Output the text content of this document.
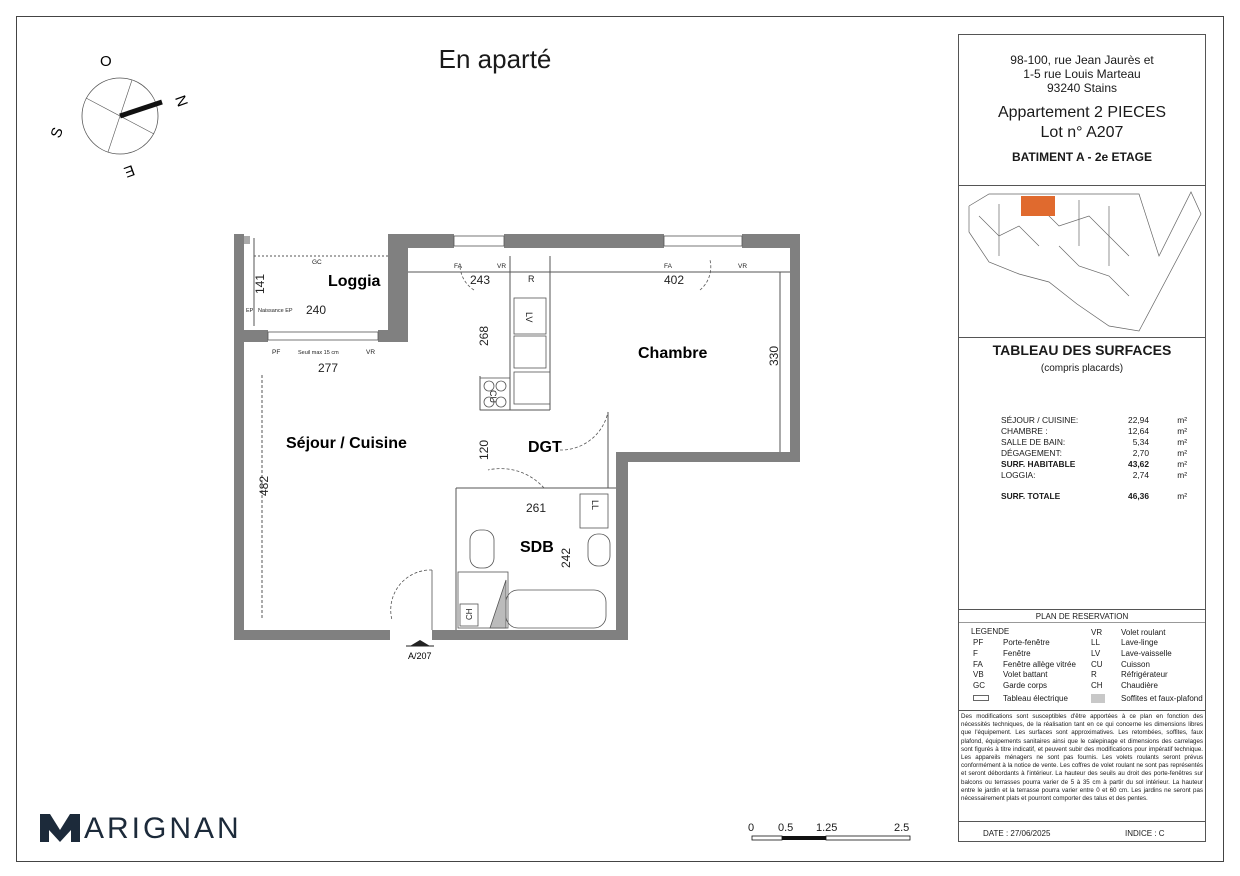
En aparté
O
N
S
E
Loggia
Séjour / Cuisine
Chambre
DGT
SDB
240
141	243	402
277
268
330
120
482
261
242
GC
FA	VR	FA	VR
PF	VR
Seuil max 15 cm
Naissance EP
EP
R
LV
CU
LL
CH
A/207
0 0.5 1.25	2.5
ARIGNAN
98-100, rue Jean Jaurès et
1-5 rue Louis Marteau
93240 Stains
Appartement 2 PIECES
Lot n° A207
BATIMENT A - 2e ETAGE
TABLEAU DES SURFACES
(compris placards)
SÉJOUR / CUISINE:	22,94	m²
CHAMBRE :	12,64	m²
SALLE DE BAIN:	5,34	m²
DÉGAGEMENT:	2,70	m²
SURF. HABITABLE	43,62	m²
LOGGIA:	2,74	m²
SURF. TOTALE	46,36	m²
PLAN DE RESERVATION
LEGENDE
PF Porte-fenêtre
F	Fenêtre
FA	Fenêtre allège vitrée
VB Volet battant
GC Garde corps
Tableau électrique
VR Volet roulant
LL	Lave-linge
LV	Lave-vaisselle
CU Cuisson
R	Réfrigérateur
CH Chaudière
Soffites et faux-plafond
Des modifications sont susceptibles d'être apportées à ce plan en fonction des nécessités techniques, de la réalisation tant en ce qui concerne les dimensions libres que l'équipement. Les surfaces sont approximatives. Les retombées, soffites, faux plafond, équipements sanitaires ainsi que le calepinage et dimensions des carrelages sont figurés à titre indicatif, et peuvent subir des modifications pour impératif technique. Les appareils ménagers ne sont pas fournis. Les volets roulants seront prévus conformément à la notice de vente. Les coffres de volet roulant ne sont pas représentés et seront débordants à l'intérieur. La hauteur des seuils au droit des porte-fenêtres sur balcons ou terrasses pourra varier de 5 à 35 cm à partir du sol intérieur. La hauteur entre le jardin et la terrasse pourra varier entre 0 et 60 cm. Les jardins ne seront pas nécessairement plats et pourront comporter des talus et des pentes.
DATE : 27/06/2025	INDICE : C
